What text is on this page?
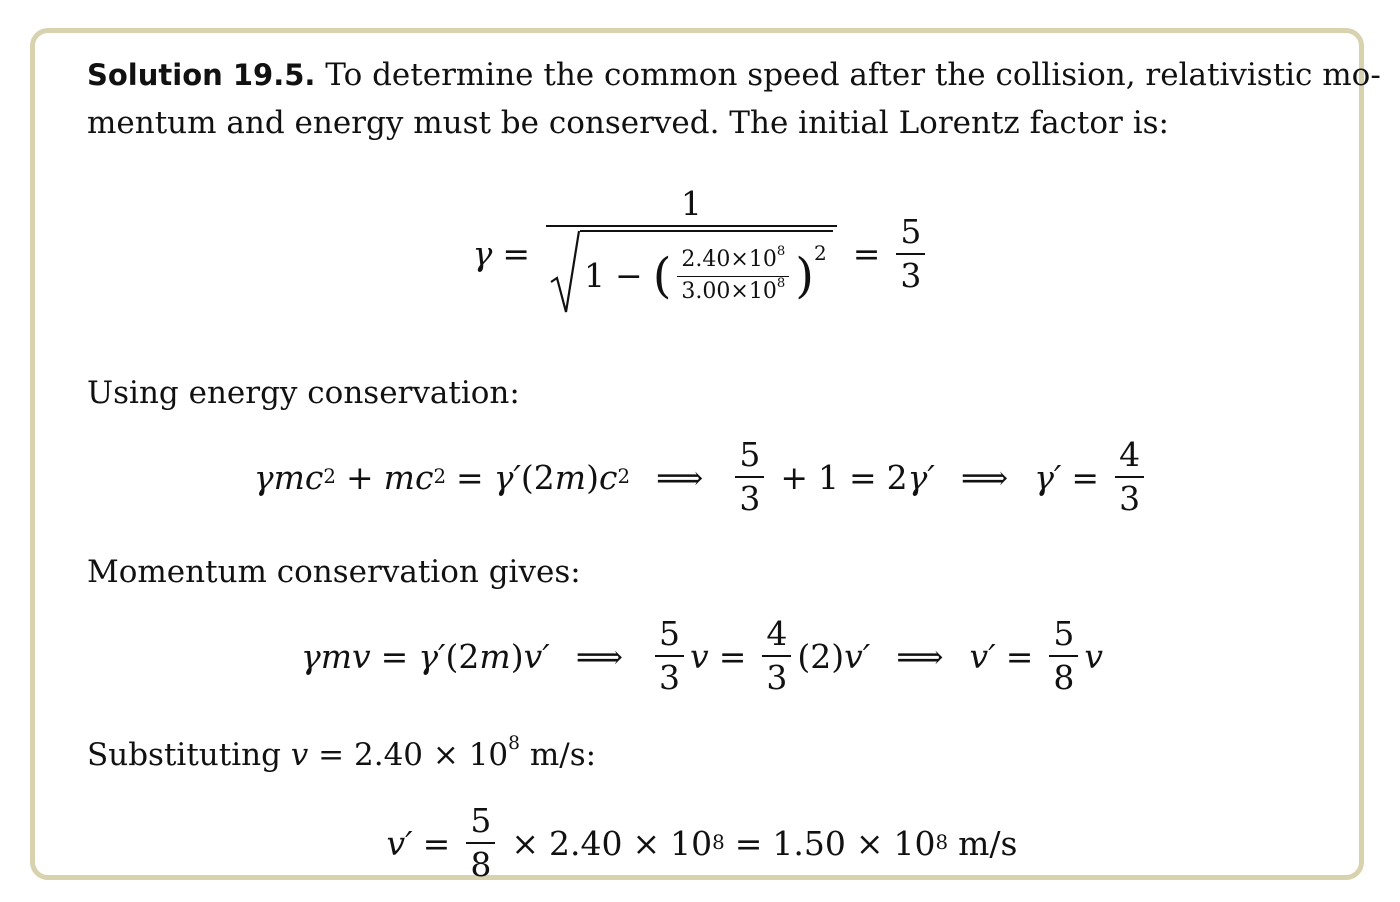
Solution 19.5. To determine the common speed after the collision, relativistic mo-

mentum and energy must be conserved. The initial Lorentz factor is:

γ =
1
1 − ( $\frac{2.40\times 10^8}{3.00\times 10^8}$ ) $2 = \frac{5}{3}$

Using energy conservation:

γmc 2 + mc 2 = γ′ ( 2 m ) c 2 ⟹ $\frac{5}{3} + 1 = 2$ γ′ ⟹ $\gamma' = \frac{4}{3}$

Momentum conservation gives:

γmv = γ′ ( 2 m ) v′ ⟹ $\frac{5}{3}$ $v = \frac{4}{3}$ ( 2 ) v′ ⟹ $v' = \frac{5}{8}$ v

Substituting $v = 2.40 \times 10^8$ m/s:

$v' = \frac{5}{8} \times 2.40 \times 10$ 8 = 1.50 × 10 8 m/s
